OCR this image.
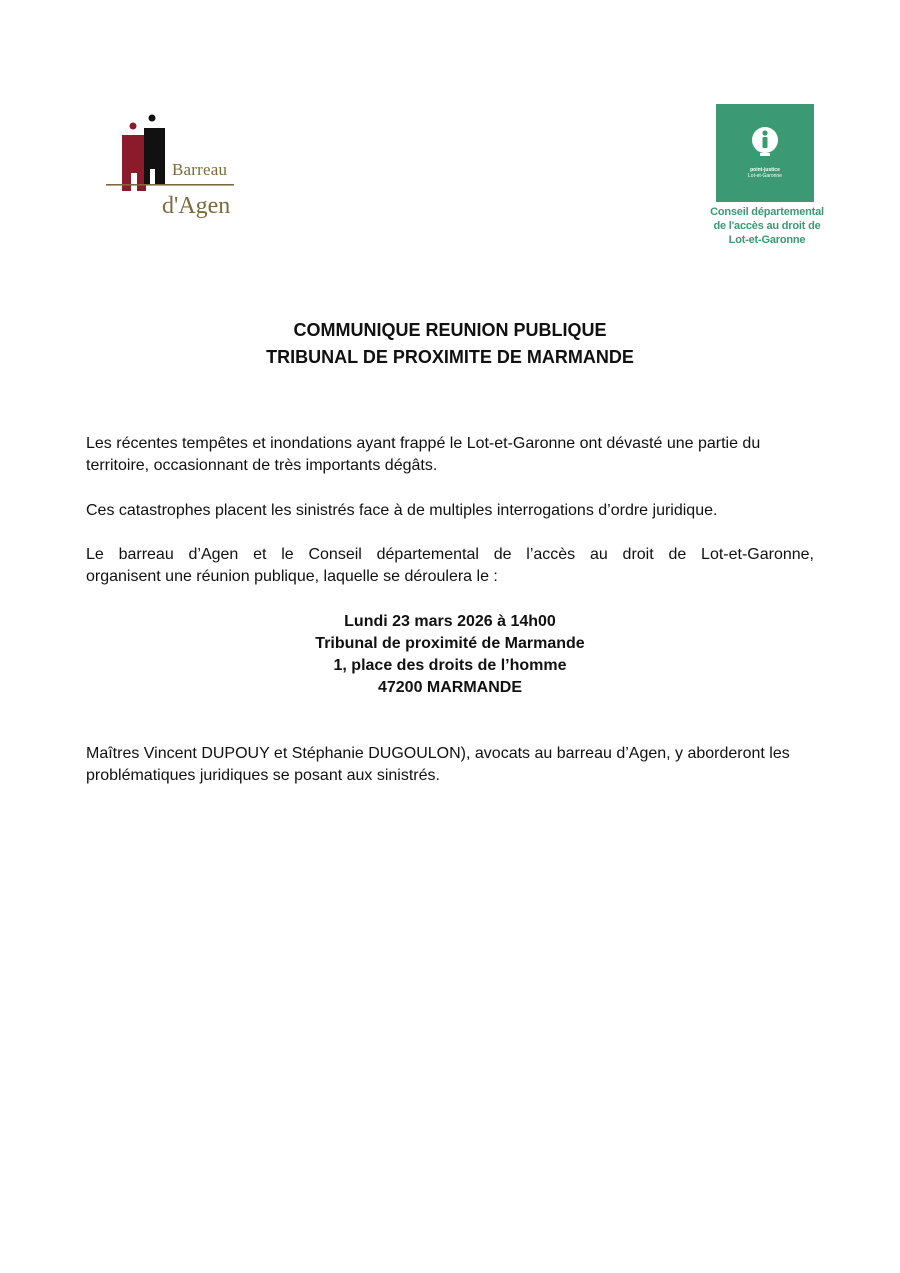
Barreau
d'Agen
point-justice
Lot-et-Garonne
Conseil départemental
de l'accès au droit de
Lot-et-Garonne
COMMUNIQUE REUNION PUBLIQUE
TRIBUNAL DE PROXIMITE DE MARMANDE

Les récentes tempêtes et inondations ayant frappé le Lot-et-Garonne ont dévasté une partie du territoire, occasionnant de très importants dégâts.

Ces catastrophes placent les sinistrés face à de multiples interrogations d’ordre juridique.

Le barreau d’Agen et le Conseil départemental de l’accès au droit de Lot-et-Garonne,
organisent une réunion publique, laquelle se déroulera le :
Lundi 23 mars 2026 à 14h00
Tribunal de proximité de Marmande
1, place des droits de l’homme
47200 MARMANDE

Maîtres Vincent DUPOUY et Stéphanie DUGOULON), avocats au barreau d’Agen, y aborderont les problématiques juridiques se posant aux sinistrés.
